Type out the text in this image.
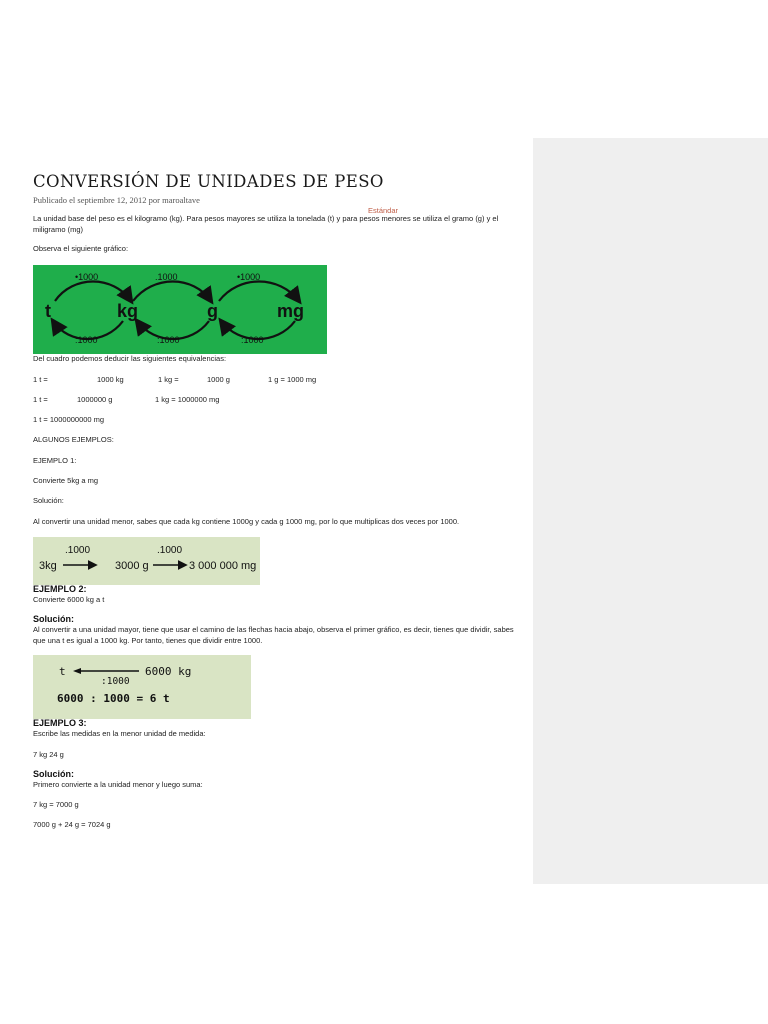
CONVERSIÓN DE UNIDADES DE PESO
Publicado el septiembre 12, 2012 por maroaltave
Estándar
La unidad base del peso es el kilogramo (kg). Para pesos mayores se utiliza la tonelada (t) y para pesos menores se utiliza el gramo (g) y el miligramo (mg)
Observa el siguiente gráfico:
t	kg	g	mg
•1000	.1000	•1000
:1000	:1000	:1000
Del cuadro podemos deducir las siguientes equivalencias:
1 t =	1000 kg	1 kg =	1000 g	1 g = 1000 mg
1 t =	1000000 g	1 kg = 1000000 mg
1 t = 1000000000 mg
ALGUNOS EJEMPLOS:
EJEMPLO 1:
Convierte 5kg a mg
Solución:
Al convertir una unidad menor, sabes que cada kg contiene 1000g y cada g 1000 mg, por lo que multiplicas dos veces por 1000.
.1000	.1000
3kg	3000 g	3 000 000 mg
EJEMPLO 2:
Convierte 6000 kg a t
Solución:
Al convertir a una unidad mayor, tiene que usar el camino de las flechas hacia abajo, observa el primer gráfico, es decir, tienes que dividir, sabes que una t es igual a 1000 kg. Por tanto, tienes que dividir entre 1000.
t	6000 kg
:1000
6000 : 1000 = 6 t
EJEMPLO 3:
Escribe las medidas en la menor unidad de medida:
7 kg 24 g
Solución:
Primero convierte a la unidad menor y luego suma:
7 kg = 7000 g
7000 g + 24 g = 7024 g
